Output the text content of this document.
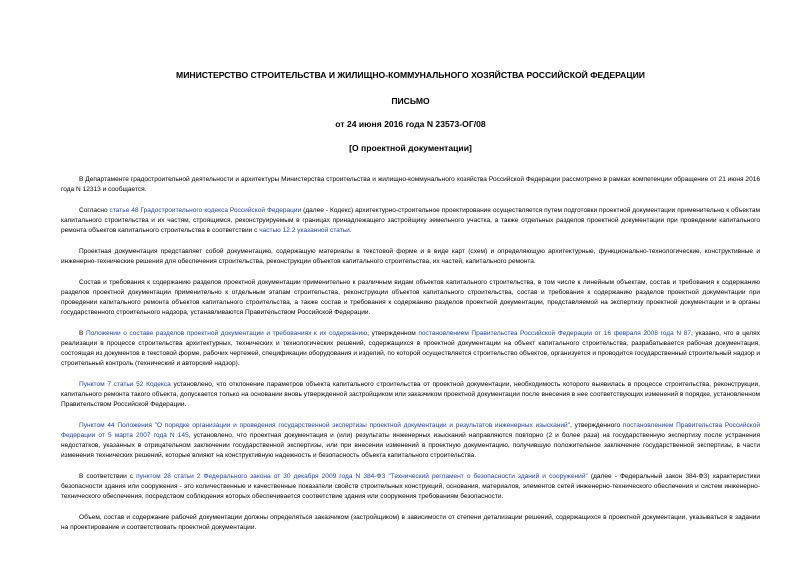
МИНИСТЕРСТВО СТРОИТЕЛЬСТВА И ЖИЛИЩНО-КОММУНАЛЬНОГО ХОЗЯЙСТВА РОССИЙСКОЙ ФЕДЕРАЦИИ

ПИСЬМО

от 24 июня 2016 года N 23573-ОГ/08

[О проектной документации]

В Департаменте градостроительной деятельности и архитектуры Министерства строительства и жилищно-коммунального хозяйства Российской Федерации рассмотрено в рамках компетенции обращение от 21 июня 2016 года N 12313 и сообщается.

Согласно статье 48 Градостроительного кодекса Российской Федерации (далее - Кодекс) архитектурно-строительное проектирование осуществляется путем подготовки проектной документации применительно к объектам капитального строительства и их частям, строящимся, реконструируемым в границах принадлежащего застройщику земельного участка, а также отдельных разделов проектной документации при проведении капитального ремонта объектов капитального строительства в соответствии с частью 12.2 указанной статьи.

Проектная документация представляет собой документацию, содержащую материалы в текстовой форме и в виде карт (схем) и определяющую архитектурные, функционально-технологические, конструктивные и инженерно-технические решения для обеспечения строительства, реконструкции объектов капитального строительства, их частей, капитального ремонта.

Состав и требования к содержанию разделов проектной документации применительно к различным видам объектов капитального строительства, в том числе к линейным объектам, состав и требования к содержанию разделов проектной документации применительно к отдельным этапам строительства, реконструкции объектов капитального строительства, состав и требования к содержанию разделов проектной документации при проведении капитального ремонта объектов капитального строительства, а также состав и требования к содержанию разделов проектной документации, представляемой на экспертизу проектной документации и в органы государственного строительного надзора, устанавливаются Правительством Российской Федерации.

В Положении о составе разделов проектной документации и требованиях к их содержанию, утвержденном постановлением Правительства Российской Федерации от 16 февраля 2008 года N 87, указано, что в целях реализации в процессе строительства архитектурных, технических и технологических решений, содержащихся в проектной документации на объект капитального строительства, разрабатывается рабочая документация, состоящая из документов в текстовой форме, рабочих чертежей, спецификации оборудования и изделий, по которой осуществляется строительство объектов, организуется и проводится государственный строительный надзор и строительный контроль (технический и авторский надзор).

Пунктом 7 статьи 52 Кодекса установлено, что отклонение параметров объекта капитального строительства от проектной документации, необходимость которого выявилась в процессе строительства, реконструкции, капитального ремонта такого объекта, допускается только на основании вновь утвержденной застройщиком или заказчиком проектной документации после внесения в нее соответствующих изменений в порядке, установленном Правительством Российской Федерации.

Пунктом 44 Положения "О порядке организации и проведения государственной экспертизы проектной документации и результатов инженерных изысканий", утвержденного постановлением Правительства Российской Федерации от 5 марта 2007 года N 145, установлено, что проектная документация и (или) результаты инженерных изысканий направляются повторно (2 и более раза) на государственную экспертизу после устранения недостатков, указанных в отрицательном заключении государственной экспертизы, или при внесении изменений в проектную документацию, получившую положительное заключение государственной экспертизы, в части изменения технических решений, которые влияют на конструктивную надежность и безопасность объекта капитального строительства.

В соответствии с пунктом 28 статьи 2 Федерального закона от 30 декабря 2009 года N 384-ФЗ "Технический регламент о безопасности зданий и сооружений" (далее - Федеральный закон 384-ФЗ) характеристики безопасности здания или сооружения - это количественные и качественные показатели свойств строительных конструкций, основания, материалов, элементов сетей инженерно-технического обеспечения и систем инженерно-технического обеспечения, посредством соблюдения которых обеспечивается соответствие здания или сооружения требованиям безопасности.

Объем, состав и содержание рабочей документации должны определяться заказчиком (застройщиком) в зависимости от степени детализации решений, содержащихся в проектной документации, указываться в задании на проектирование и соответствовать проектной документации.
